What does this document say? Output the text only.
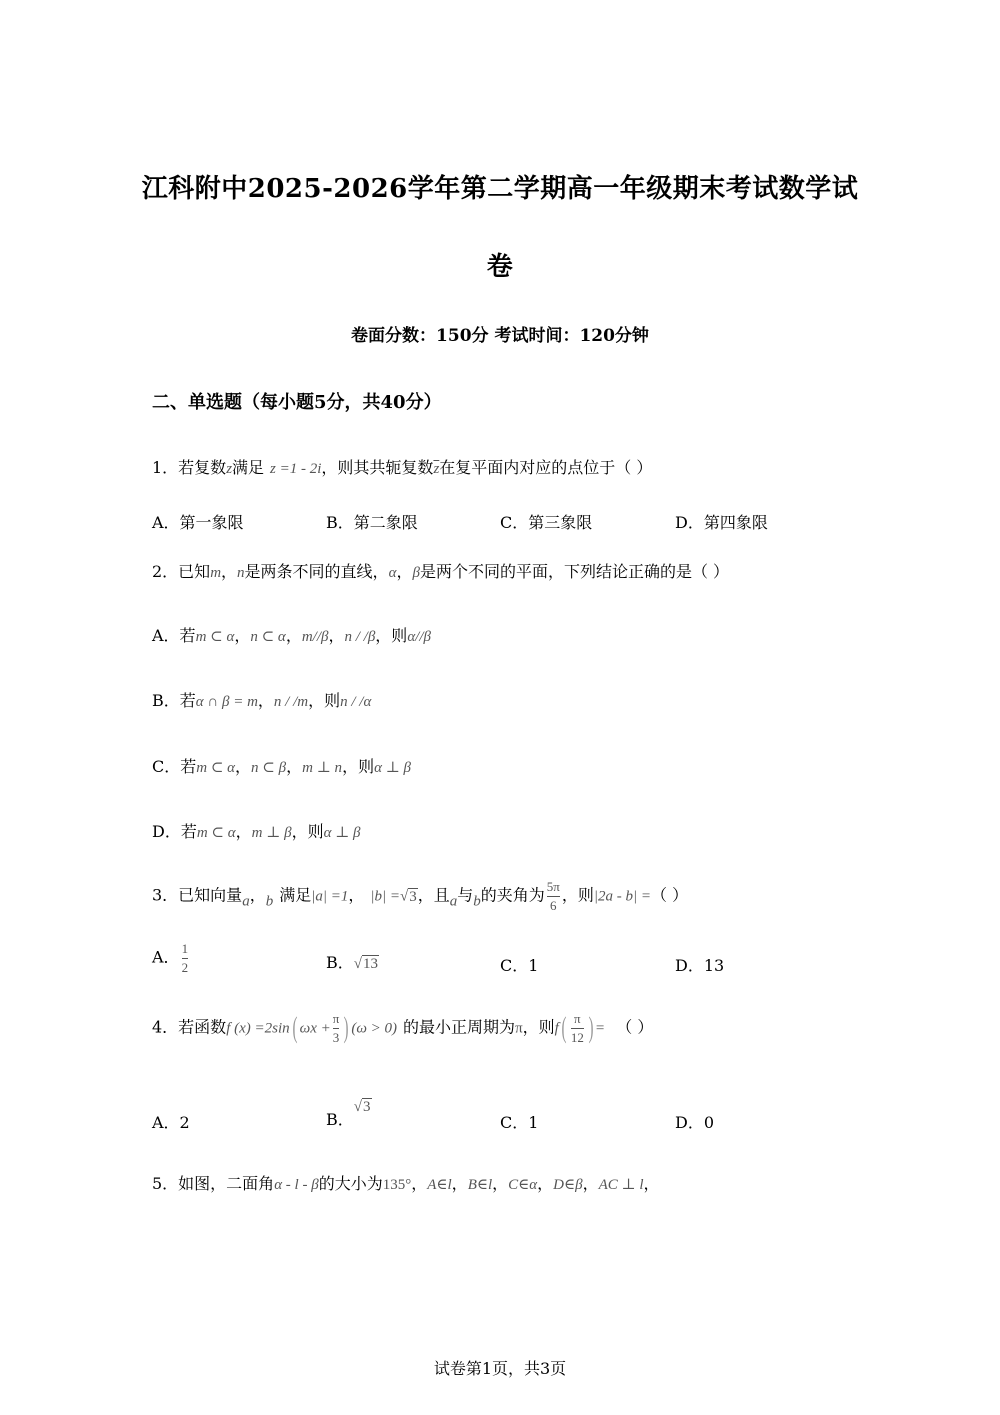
江科附中2025-2026学年第二学期高一年级期末考试数学试
卷
卷面分数：150分 考试时间：120分钟
二、单选题（每小题5分，共40分）
1．若复数z满足 z =1 - 2i，则其共轭复数$\overline{z}$在复平面内对应的点位于（ ）
A．第一象限	B．第二象限	C．第三象限	D．第四象限
2．已知m，n是两条不同的直线，α，β是两个不同的平面，下列结论正确的是（ ）
A．若m ⊂ α，n ⊂ α，m//β，n / /β，则α//β
B．若α ∩ β = m，n / /m，则n / /α
C．若m ⊂ α，n ⊂ β，m ⊥ n，则α ⊥ β
D．若m ⊂ α，m ⊥ β，则α ⊥ β
3．已知向量a，b 满足|a| =1， |b| =√3，且a与b的夹角为 $\frac{5\pi}{6}$ ，则|2a - b| =（ ）
A． $\frac{1}{2}$	B．√13	C．1	D．13
4．若函数f (x) =2sin( $\omega x + \frac{\pi}{3}$ ) (ω > 0) 的最小正周期为π，则$f( \frac{\pi}{12}$ ) = （ ）
A．2	B．√3
C．1	D．0
5．如图，二面角α - l - β的大小为135°，A∈l，B∈l，C∈α，D∈β，AC ⊥ l，
试卷第1页，共3页
